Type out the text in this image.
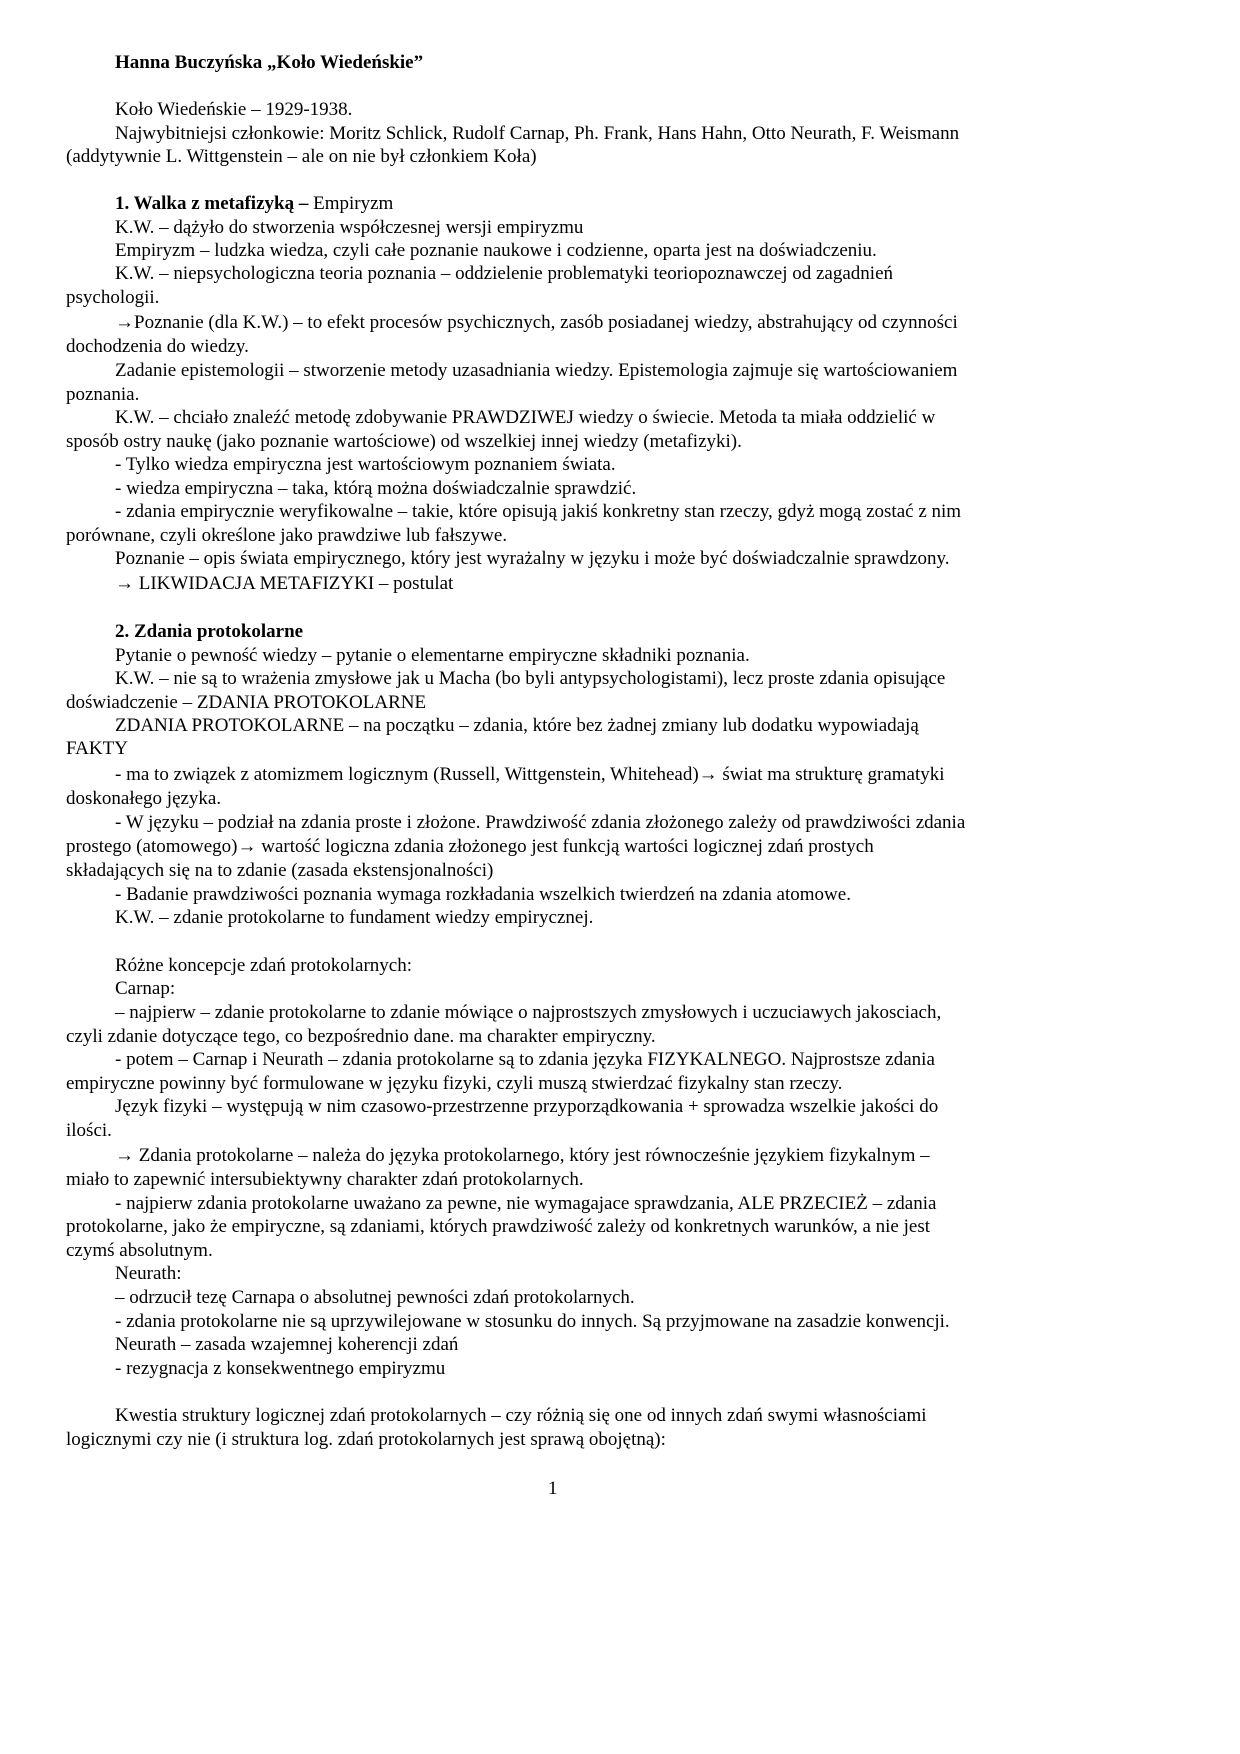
Hanna Buczyńska „Koło Wiedeńskie”
Koło Wiedeńskie – 1929-1938.
Najwybitniejsi członkowie: Moritz Schlick, Rudolf Carnap, Ph. Frank, Hans Hahn, Otto Neurath, F. Weismann
(addytywnie L. Wittgenstein – ale on nie był członkiem Koła)
1. Walka z metafizyką – Empiryzm
K.W. – dążyło do stworzenia współczesnej wersji empiryzmu
Empiryzm – ludzka wiedza, czyli całe poznanie naukowe i codzienne, oparta jest na doświadczeniu.
K.W. – niepsychologiczna teoria poznania – oddzielenie problematyki teoriopoznawczej od zagadnień
psychologii.
→Poznanie (dla K.W.) – to efekt procesów psychicznych, zasób posiadanej wiedzy, abstrahujący od czynności
dochodzenia do wiedzy.
Zadanie epistemologii – stworzenie metody uzasadniania wiedzy. Epistemologia zajmuje się wartościowaniem
poznania.
K.W. – chciało znaleźć metodę zdobywanie PRAWDZIWEJ wiedzy o świecie. Metoda ta miała oddzielić w
sposób ostry naukę (jako poznanie wartościowe) od wszelkiej innej wiedzy (metafizyki).
- Tylko wiedza empiryczna jest wartościowym poznaniem świata.
- wiedza empiryczna – taka, którą można doświadczalnie sprawdzić.
- zdania empirycznie weryfikowalne – takie, które opisują jakiś konkretny stan rzeczy, gdyż mogą zostać z nim
porównane, czyli określone jako prawdziwe lub fałszywe.
Poznanie – opis świata empirycznego, który jest wyrażalny w języku i może być doświadczalnie sprawdzony.
→ LIKWIDACJA METAFIZYKI – postulat
2. Zdania protokolarne
Pytanie o pewność wiedzy – pytanie o elementarne empiryczne składniki poznania.
K.W. – nie są to wrażenia zmysłowe jak u Macha (bo byli antypsychologistami), lecz proste zdania opisujące
doświadczenie – ZDANIA PROTOKOLARNE
ZDANIA PROTOKOLARNE – na początku – zdania, które bez żadnej zmiany lub dodatku wypowiadają
FAKTY
- ma to związek z atomizmem logicznym (Russell, Wittgenstein, Whitehead)→ świat ma strukturę gramatyki
doskonałego języka.
- W języku – podział na zdania proste i złożone. Prawdziwość zdania złożonego zależy od prawdziwości zdania
prostego (atomowego)→ wartość logiczna zdania złożonego jest funkcją wartości logicznej zdań prostych
składających się na to zdanie (zasada ekstensjonalności)
- Badanie prawdziwości poznania wymaga rozkładania wszelkich twierdzeń na zdania atomowe.
K.W. – zdanie protokolarne to fundament wiedzy empirycznej.
Różne koncepcje zdań protokolarnych:
Carnap:
– najpierw – zdanie protokolarne to zdanie mówiące o najprostszych zmysłowych i uczuciawych jakosciach,
czyli zdanie dotyczące tego, co bezpośrednio dane. ma charakter empiryczny.
- potem – Carnap i Neurath – zdania protokolarne są to zdania języka FIZYKALNEGO. Najprostsze zdania
empiryczne powinny być formulowane w języku fizyki, czyli muszą stwierdzać fizykalny stan rzeczy.
Język fizyki – występują w nim czasowo-przestrzenne przyporządkowania + sprowadza wszelkie jakości do
ilości.
→ Zdania protokolarne – należa do języka protokolarnego, który jest równocześnie językiem fizykalnym –
miało to zapewnić intersubiektywny charakter zdań protokolarnych.
- najpierw zdania protokolarne uważano za pewne, nie wymagajace sprawdzania, ALE PRZECIEŻ – zdania
protokolarne, jako że empiryczne, są zdaniami, których prawdziwość zależy od konkretnych warunków, a nie jest
czymś absolutnym.
Neurath:
– odrzucił tezę Carnapa o absolutnej pewności zdań protokolarnych.
- zdania protokolarne nie są uprzywilejowane w stosunku do innych. Są przyjmowane na zasadzie konwencji.
Neurath – zasada wzajemnej koherencji zdań
- rezygnacja z konsekwentnego empiryzmu
Kwestia struktury logicznej zdań protokolarnych – czy różnią się one od innych zdań swymi własnościami
logicznymi czy nie (i struktura log. zdań protokolarnych jest sprawą obojętną):
1
